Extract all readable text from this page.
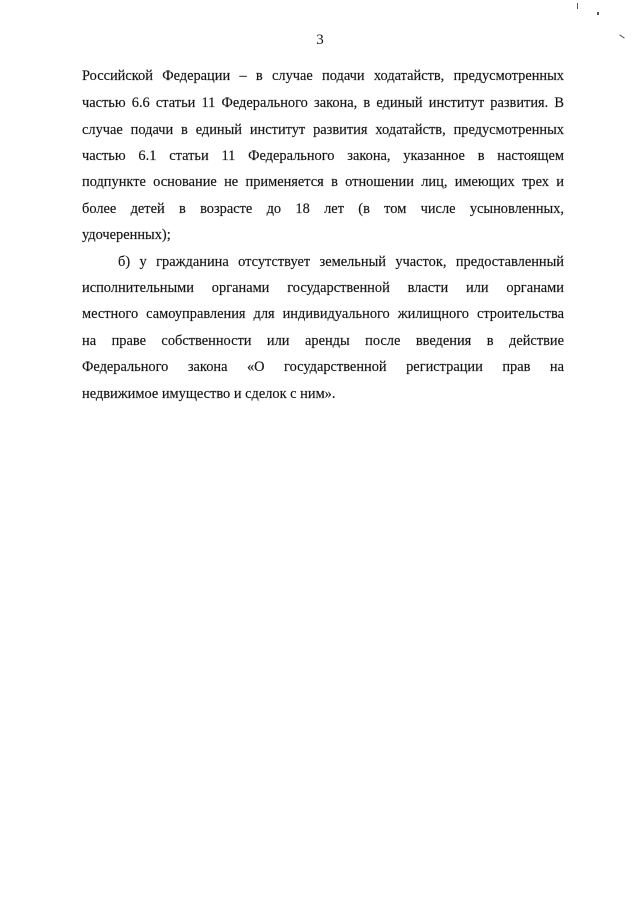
3
Российской Федерации – в случае подачи ходатайств, предусмотренных
частью 6.6 статьи 11 Федерального закона, в единый институт развития. В
случае подачи в единый институт развития ходатайств, предусмотренных
частью 6.1 статьи 11 Федерального закона, указанное в настоящем
подпункте основание не применяется в отношении лиц, имеющих трех и
более детей в возрасте до 18 лет (в том числе усыновленных,
удочеренных);
б) у гражданина отсутствует земельный участок, предоставленный
исполнительными органами государственной власти или органами
местного самоуправления для индивидуального жилищного строительства
на праве собственности или аренды после введения в действие
Федерального закона «О государственной регистрации прав на
недвижимое имущество и сделок с ним».
